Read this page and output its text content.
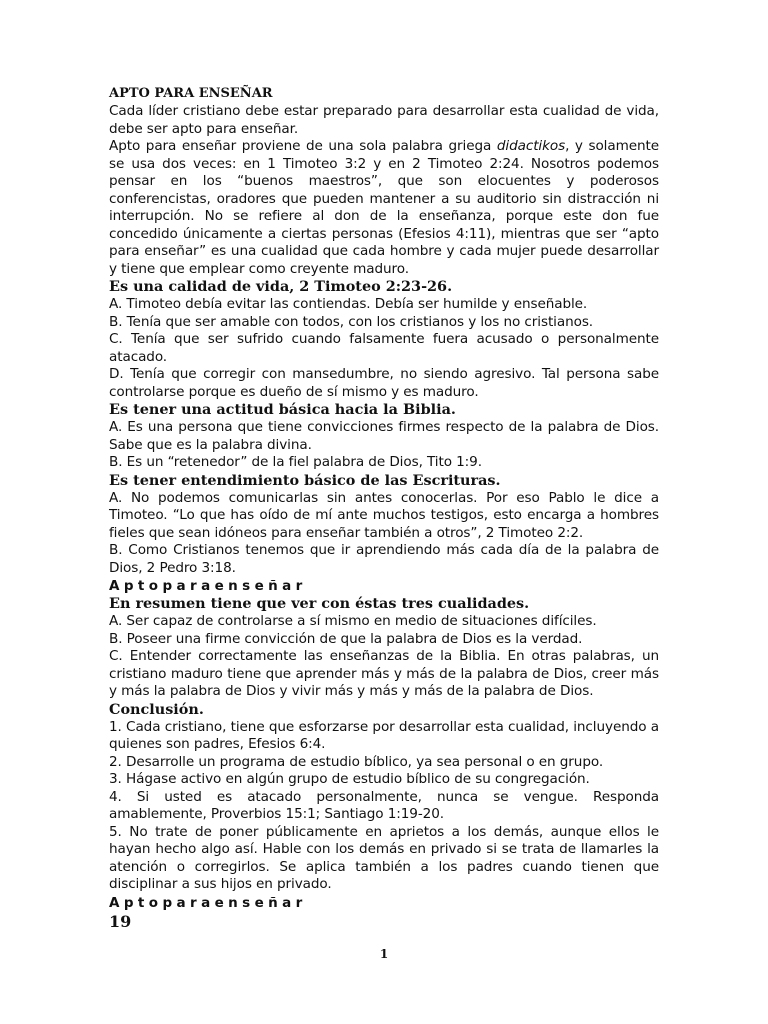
APTO PARA ENSEÑAR

Cada líder cristiano debe estar preparado para desarrollar esta cualidad de vida, debe ser apto para enseñar.

Apto para enseñar proviene de una sola palabra griega didactikos, y solamente se usa dos veces: en 1 Timoteo 3:2 y en 2 Timoteo 2:24. Nosotros podemos pensar en los “buenos maestros”, que son elocuentes y poderosos conferencistas, oradores que pueden mantener a su auditorio sin distracción ni interrupción. No se refiere al don de la enseñanza, porque este don fue concedido únicamente a ciertas personas (Efesios 4:11), mientras que ser “apto para enseñar” es una cualidad que cada hombre y cada mujer puede desarrollar y tiene que emplear como creyente maduro.

Es una calidad de vida, 2 Timoteo 2:23-26.

A. Timoteo debía evitar las contiendas. Debía ser humilde y enseñable.

B. Tenía que ser amable con todos, con los cristianos y los no cristianos.

C. Tenía que ser sufrido cuando falsamente fuera acusado o personalmente atacado.

D. Tenía que corregir con mansedumbre, no siendo agresivo. Tal persona sabe controlarse porque es dueño de sí mismo y es maduro.

Es tener una actitud básica hacia la Biblia.

A. Es una persona que tiene convicciones firmes respecto de la palabra de Dios. Sabe que es la palabra divina.

B. Es un “retenedor” de la fiel palabra de Dios, Tito 1:9.

Es tener entendimiento básico de las Escrituras.

A. No podemos comunicarlas sin antes conocerlas. Por eso Pablo le dice a Timoteo. “Lo que has oído de mí ante muchos testigos, esto encarga a hombres fieles que sean idóneos para enseñar también a otros”, 2 Timoteo 2:2.

B. Como Cristianos tenemos que ir aprendiendo más cada día de la palabra de Dios, 2 Pedro 3:18.

Aptoparaenseñar

En resumen tiene que ver con éstas tres cualidades.

A. Ser capaz de controlarse a sí mismo en medio de situaciones difíciles.

B. Poseer una firme convicción de que la palabra de Dios es la verdad.

C. Entender correctamente las enseñanzas de la Biblia. En otras palabras, un cristiano maduro tiene que aprender más y más de la palabra de Dios, creer más y más la palabra de Dios y vivir más y más y más de la palabra de Dios.

Conclusión.

1. Cada cristiano, tiene que esforzarse por desarrollar esta cualidad, incluyendo a quienes son padres, Efesios 6:4.

2. Desarrolle un programa de estudio bíblico, ya sea personal o en grupo.

3. Hágase activo en algún grupo de estudio bíblico de su congregación.

4. Si usted es atacado personalmente, nunca se vengue. Responda amablemente, Proverbios 15:1; Santiago 1:19-20.

5. No trate de poner públicamente en aprietos a los demás, aunque ellos le hayan hecho algo así. Hable con los demás en privado si se trata de llamarles la atención o corregirlos. Se aplica también a los padres cuando tienen que disciplinar a sus hijos en privado.

Aptoparaenseñar

19

1
